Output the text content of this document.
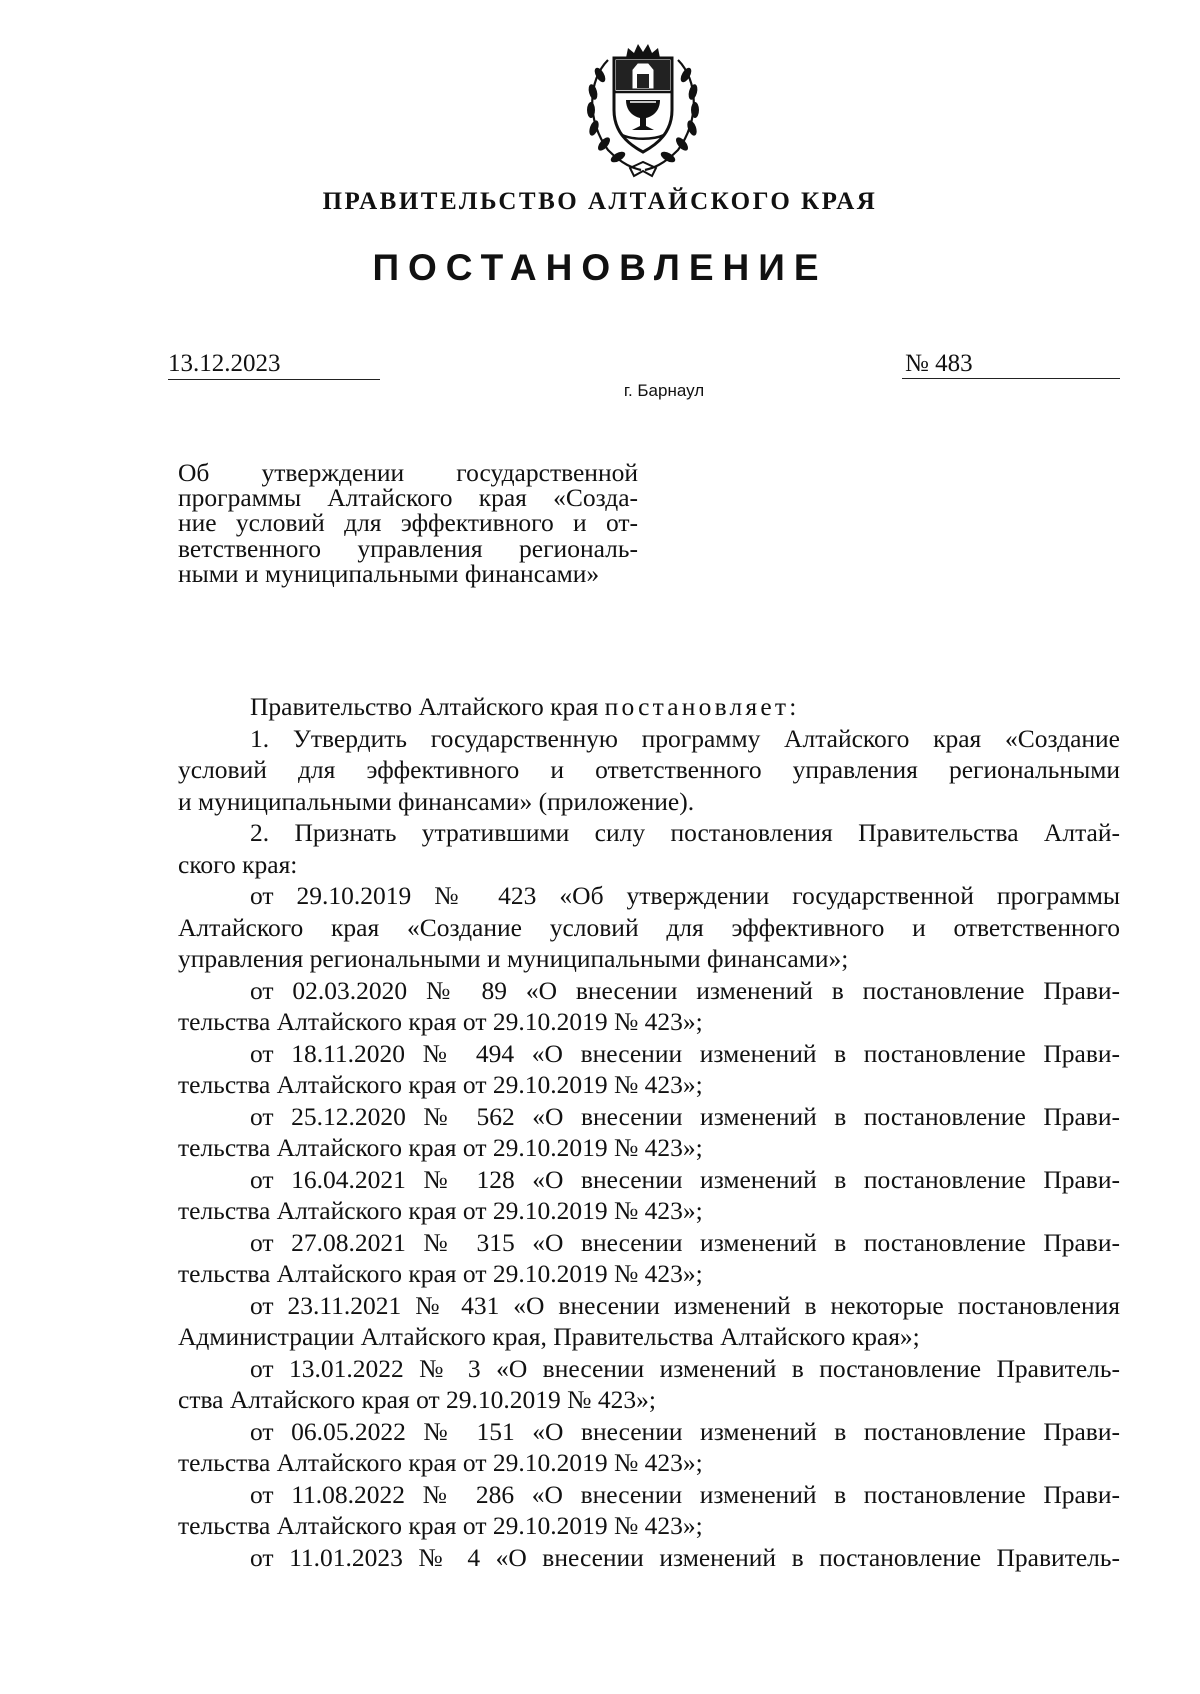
ПРАВИТЕЛЬСТВО АЛТАЙСКОГО КРАЯ
ПОСТАНОВЛЕНИЕ
13.12.2023	№ 483
г. Барнаул
Об утверждении государственной
программы Алтайского края «Созда-
ние условий для эффективного и от-
ветственного управления региональ-
ными и муниципальными финансами»
Правительство Алтайского края постановляет:
1. Утвердить государственную программу Алтайского края «Создание
условий для эффективного и ответственного управления региональными
и муниципальными финансами» (приложение).
2. Признать утратившими силу постановления Правительства Алтай-
ского края:
от 29.10.2019 № 423 «Об утверждении государственной программы
Алтайского края «Создание условий для эффективного и ответственного
управления региональными и муниципальными финансами»;
от 02.03.2020 № 89 «О внесении изменений в постановление Прави-
тельства Алтайского края от 29.10.2019 № 423»;
от 18.11.2020 № 494 «О внесении изменений в постановление Прави-
тельства Алтайского края от 29.10.2019 № 423»;
от 25.12.2020 № 562 «О внесении изменений в постановление Прави-
тельства Алтайского края от 29.10.2019 № 423»;
от 16.04.2021 № 128 «О внесении изменений в постановление Прави-
тельства Алтайского края от 29.10.2019 № 423»;
от 27.08.2021 № 315 «О внесении изменений в постановление Прави-
тельства Алтайского края от 29.10.2019 № 423»;
от 23.11.2021 № 431 «О внесении изменений в некоторые постановления
Администрации Алтайского края, Правительства Алтайского края»;
от 13.01.2022 № 3 «О внесении изменений в постановление Правитель-
ства Алтайского края от 29.10.2019 № 423»;
от 06.05.2022 № 151 «О внесении изменений в постановление Прави-
тельства Алтайского края от 29.10.2019 № 423»;
от 11.08.2022 № 286 «О внесении изменений в постановление Прави-
тельства Алтайского края от 29.10.2019 № 423»;
от 11.01.2023 № 4 «О внесении изменений в постановление Правитель-
